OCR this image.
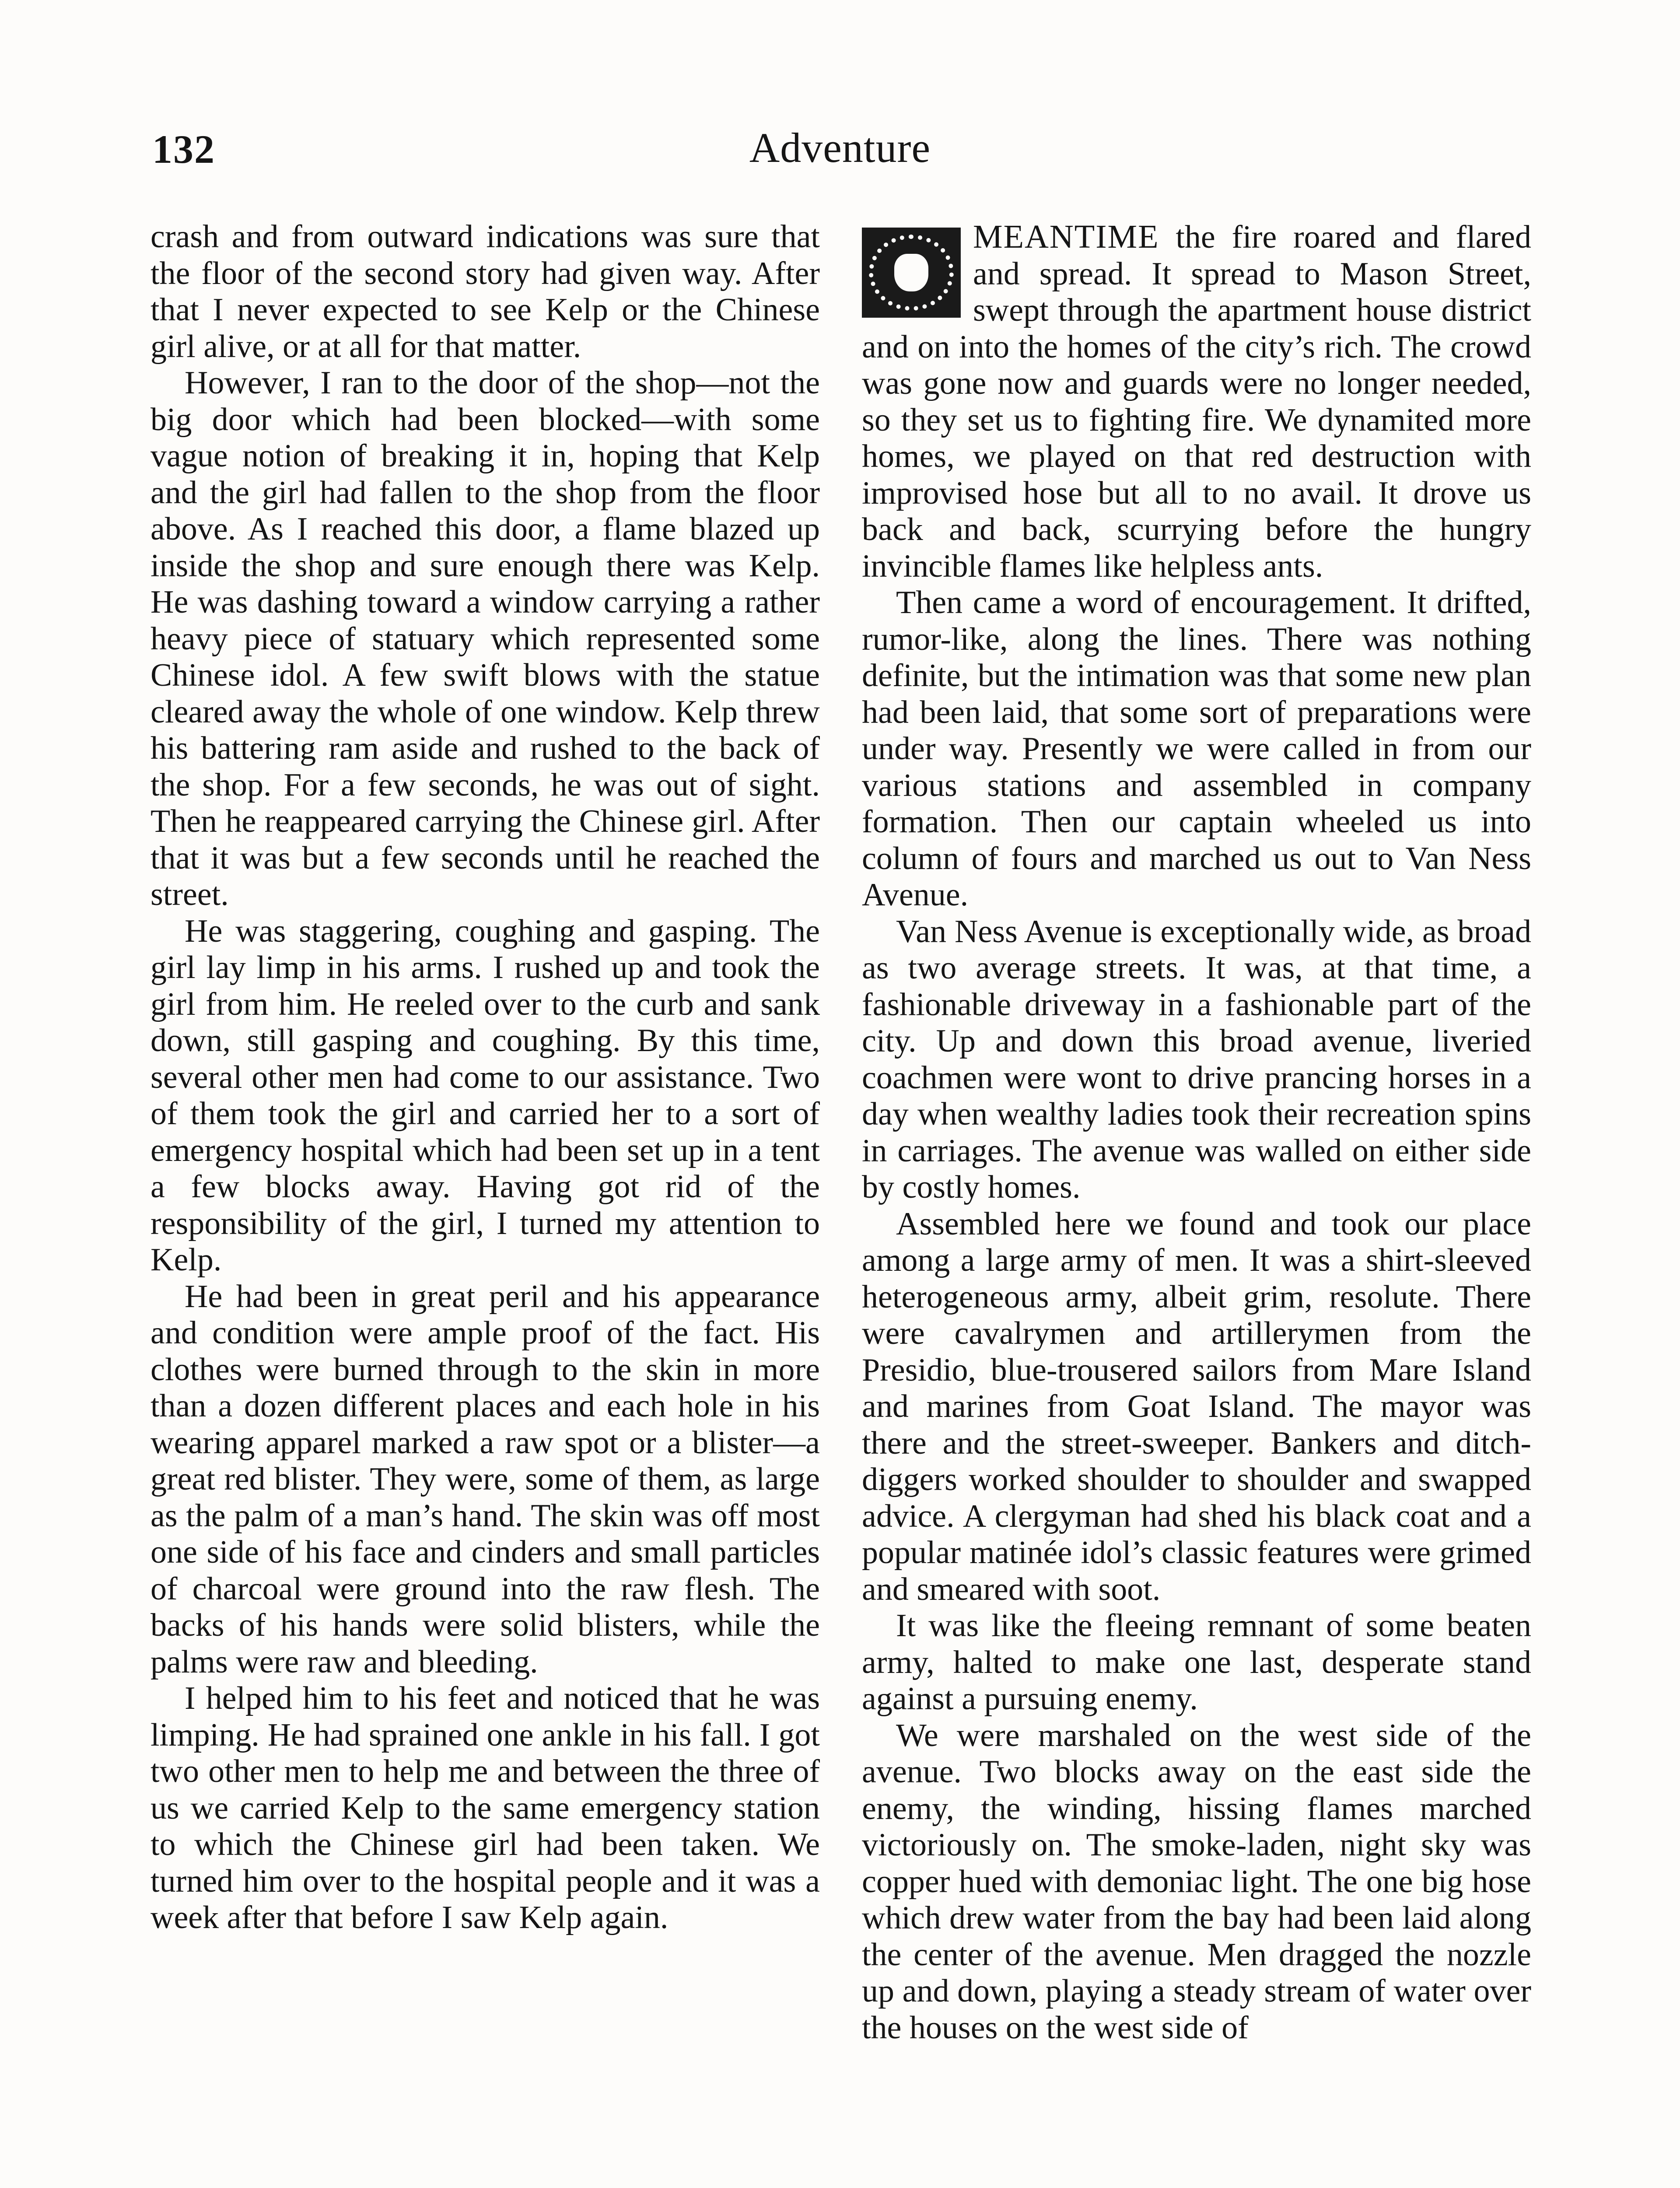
132	Adventure

crash and from outward indications was sure that the floor of the second story had given way. After that I never expected to see Kelp or the Chinese girl alive, or at all for that matter.

However, I ran to the door of the shop—not the big door which had been blocked—with some vague notion of breaking it in, hoping that Kelp and the girl had fallen to the shop from the floor above. As I reached this door, a flame blazed up inside the shop and sure enough there was Kelp. He was dashing toward a window carrying a rather heavy piece of statuary which represented some Chinese idol. A few swift blows with the statue cleared away the whole of one window. Kelp threw his battering ram aside and rushed to the back of the shop. For a few seconds, he was out of sight. Then he reappeared carrying the Chinese girl. After that it was but a few seconds until he reached the street.

He was staggering, coughing and gasping. The girl lay limp in his arms. I rushed up and took the girl from him. He reeled over to the curb and sank down, still gasping and coughing. By this time, several other men had come to our assistance. Two of them took the girl and carried her to a sort of emergency hospital which had been set up in a tent a few blocks away. Having got rid of the responsibility of the girl, I turned my attention to Kelp.

He had been in great peril and his appearance and condition were ample proof of the fact. His clothes were burned through to the skin in more than a dozen different places and each hole in his wearing apparel marked a raw spot or a blister—a great red blister. They were, some of them, as large as the palm of a man’s hand. The skin was off most one side of his face and cinders and small particles of charcoal were ground into the raw flesh. The backs of his hands were solid blisters, while the palms were raw and bleeding.

I helped him to his feet and noticed that he was limping. He had sprained one ankle in his fall. I got two other men to help me and between the three of us we carried Kelp to the same emergency station to which the Chinese girl had been taken. We turned him over to the hospital people and it was a week after that before I saw Kelp again.

MEANTIME the fire roared and flared and spread. It spread to Mason Street, swept through the apartment house district and on into the homes of the city’s rich. The crowd was gone now and guards were no longer needed, so they set us to fighting fire. We dynamited more homes, we played on that red destruction with improvised hose but all to no avail. It drove us back and back, scurrying before the hungry invincible flames like helpless ants.

Then came a word of encouragement. It drifted, rumor-like, along the lines. There was nothing definite, but the intimation was that some new plan had been laid, that some sort of preparations were under way. Presently we were called in from our various stations and assembled in company formation. Then our captain wheeled us into column of fours and marched us out to Van Ness Avenue.

Van Ness Avenue is exceptionally wide, as broad as two average streets. It was, at that time, a fashionable driveway in a fashionable part of the city. Up and down this broad avenue, liveried coachmen were wont to drive prancing horses in a day when wealthy ladies took their recreation spins in carriages. The avenue was walled on either side by costly homes.

Assembled here we found and took our place among a large army of men. It was a shirt-sleeved heterogeneous army, albeit grim, resolute. There were cavalrymen and artillerymen from the Presidio, blue-trousered sailors from Mare Island and marines from Goat Island. The mayor was there and the street-sweeper. Bankers and ditch-diggers worked shoulder to shoulder and swapped advice. A clergyman had shed his black coat and a popular matinée idol’s classic features were grimed and smeared with soot.

It was like the fleeing remnant of some beaten army, halted to make one last, desperate stand against a pursuing enemy.

We were marshaled on the west side of the avenue. Two blocks away on the east side the enemy, the winding, hissing flames marched victoriously on. The smoke-laden, night sky was copper hued with demoniac light. The one big hose which drew water from the bay had been laid along the center of the avenue. Men dragged the nozzle up and down, playing a steady stream of water over the houses on the west side of
